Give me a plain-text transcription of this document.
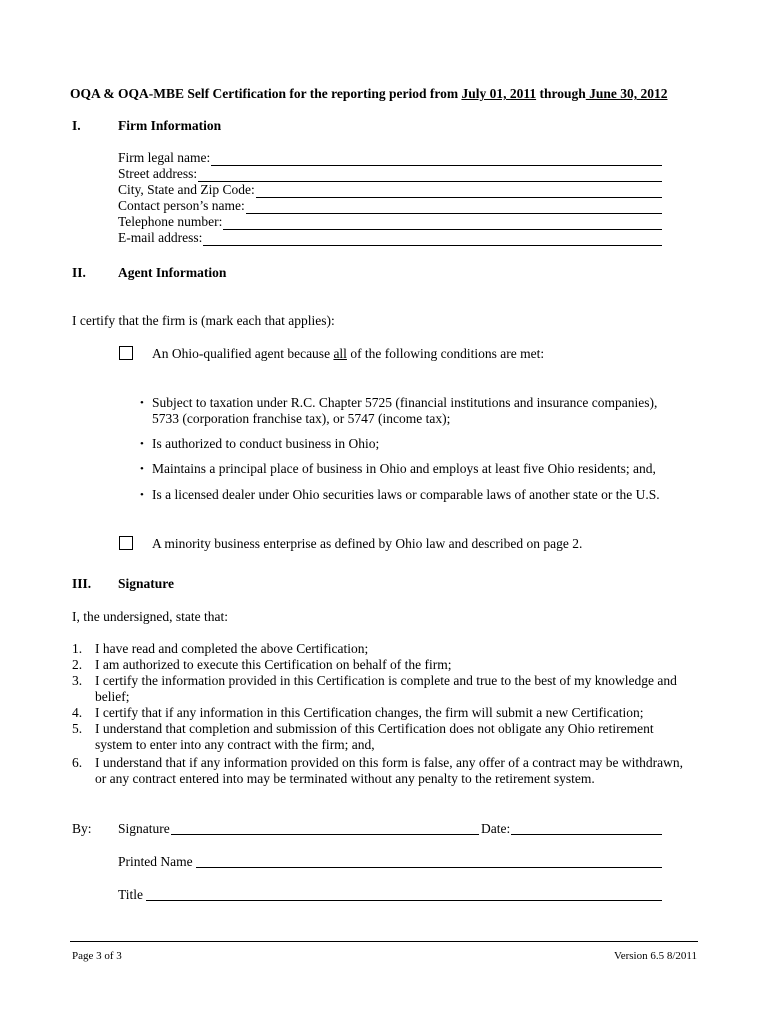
OQA & OQA-MBE Self Certification for the reporting period from July 01, 2011 through June 30, 2012
I.	Firm Information
Firm legal name:
Street address:
City, State and Zip Code:
Contact person’s name:
Telephone number:
E-mail address:
II. Agent Information
I certify that the firm is (mark each that applies):
An Ohio-qualified agent because all of the following conditions are met:
• Subject to taxation under R.C. Chapter 5725 (financial institutions and insurance companies),
5733 (corporation franchise tax), or 5747 (income tax);
• Is authorized to conduct business in Ohio;
• Maintains a principal place of business in Ohio and employs at least five Ohio residents; and,
• Is a licensed dealer under Ohio securities laws or comparable laws of another state or the U.S.
A minority business enterprise as defined by Ohio law and described on page 2.
III. Signature
I, the undersigned, state that:
1. I have read and completed the above Certification;
2. I am authorized to execute this Certification on behalf of the firm;
3. I certify the information provided in this Certification is complete and true to the best of my knowledge and
belief;
4. I certify that if any information in this Certification changes, the firm will submit a new Certification;
5. I understand that completion and submission of this Certification does not obligate any Ohio retirement
system to enter into any contract with the firm; and,
6. I understand that if any information provided on this form is false, any offer of a contract may be withdrawn,
or any contract entered into may be terminated without any penalty to the retirement system.
By: Signature	Date:
Printed Name
Title
Page 3 of 3	Version 6.5 8/2011
